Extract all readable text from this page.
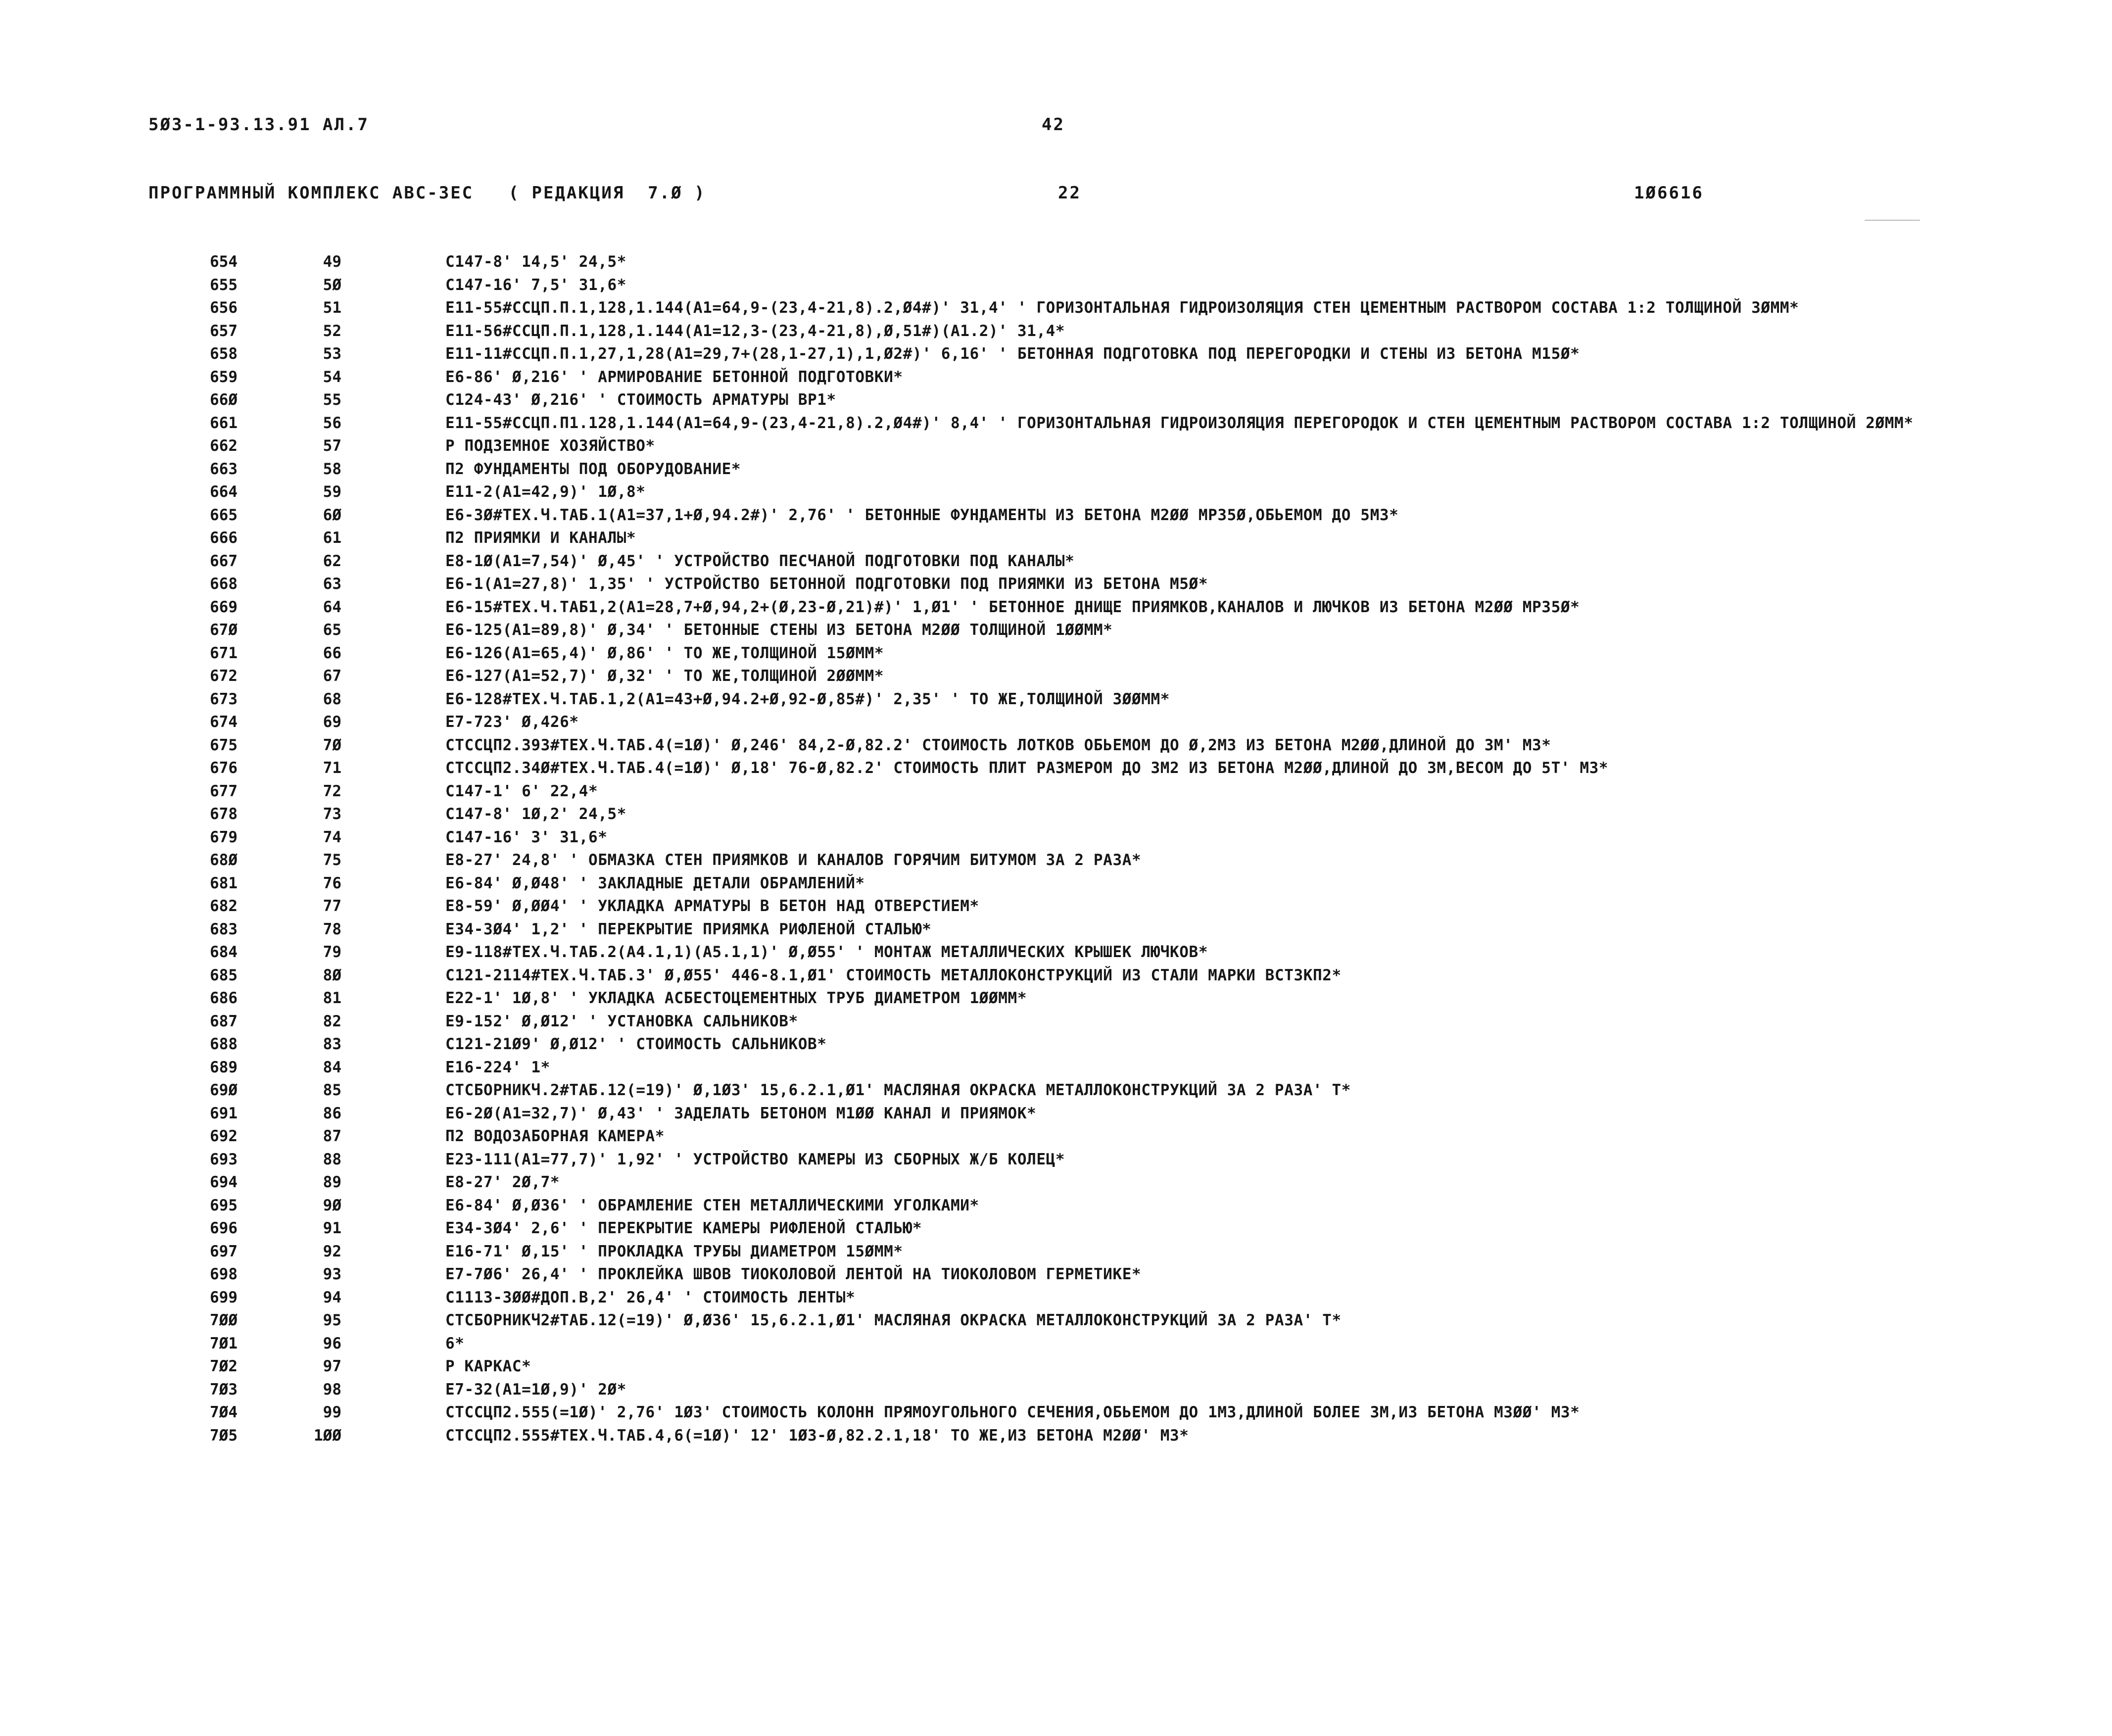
5Ø3-1-93.13.91 АЛ.7	42
ПРОГРАММНЫЙ КОМПЛЕКС АВС-3ЕС   ( РЕДАКЦИЯ  7.Ø )	22	1Ø6616
654	49	С147-8' 14,5' 24,5*
655	5Ø	С147-16' 7,5' 31,6*
656	51	Е11-55#ССЦП.П.1,128,1.144(А1=64,9-(23,4-21,8).2,Ø4#)' 31,4' ' ГОРИЗОНТАЛЬНАЯ ГИДРОИЗОЛЯЦИЯ СТЕН ЦЕМЕНТНЫМ РАСТВОРОМ СОСТАВА 1:2 ТОЛЩИНОЙ 3ØММ*
657	52	Е11-56#ССЦП.П.1,128,1.144(А1=12,3-(23,4-21,8),Ø,51#)(А1.2)' 31,4*
658	53	Е11-11#ССЦП.П.1,27,1,28(А1=29,7+(28,1-27,1),1,Ø2#)' 6,16' ' БЕТОННАЯ ПОДГОТОВКА ПОД ПЕРЕГОРОДКИ И СТЕНЫ ИЗ БЕТОНА М15Ø*
659	54	Е6-86' Ø,216' ' АРМИРОВАНИЕ БЕТОННОЙ ПОДГОТОВКИ*
66Ø	55	С124-43' Ø,216' ' СТОИМОСТЬ АРМАТУРЫ ВР1*
661	56	Е11-55#ССЦП.П1.128,1.144(А1=64,9-(23,4-21,8).2,Ø4#)' 8,4' ' ГОРИЗОНТАЛЬНАЯ ГИДРОИЗОЛЯЦИЯ ПЕРЕГОРОДОК И СТЕН ЦЕМЕНТНЫМ РАСТВОРОМ СОСТАВА 1:2 ТОЛЩИНОЙ 2ØММ*
662	57	Р ПОДЗЕМНОЕ ХОЗЯЙСТВО*
663	58	П2 ФУНДАМЕНТЫ ПОД ОБОРУДОВАНИЕ*
664	59	Е11-2(А1=42,9)' 1Ø,8*
665	6Ø	Е6-3Ø#ТЕХ.Ч.ТАБ.1(А1=37,1+Ø,94.2#)' 2,76' ' БЕТОННЫЕ ФУНДАМЕНТЫ ИЗ БЕТОНА М2ØØ МР35Ø,ОБЬЕМОМ ДО 5М3*
666	61	П2 ПРИЯМКИ И КАНАЛЫ*
667	62	Е8-1Ø(А1=7,54)' Ø,45' ' УСТРОЙСТВО ПЕСЧАНОЙ ПОДГОТОВКИ ПОД КАНАЛЫ*
668	63	Е6-1(А1=27,8)' 1,35' ' УСТРОЙСТВО БЕТОННОЙ ПОДГОТОВКИ ПОД ПРИЯМКИ ИЗ БЕТОНА М5Ø*
669	64	Е6-15#ТЕХ.Ч.ТАБ1,2(А1=28,7+Ø,94,2+(Ø,23-Ø,21)#)' 1,Ø1' ' БЕТОННОЕ ДНИЩЕ ПРИЯМКОВ,КАНАЛОВ И ЛЮЧКОВ ИЗ БЕТОНА М2ØØ МР35Ø*
67Ø	65	Е6-125(А1=89,8)' Ø,34' ' БЕТОННЫЕ СТЕНЫ ИЗ БЕТОНА М2ØØ ТОЛЩИНОЙ 1ØØММ*
671	66	Е6-126(А1=65,4)' Ø,86' ' ТО ЖЕ,ТОЛЩИНОЙ 15ØММ*
672	67	Е6-127(А1=52,7)' Ø,32' ' ТО ЖЕ,ТОЛЩИНОЙ 2ØØММ*
673	68	Е6-128#ТЕХ.Ч.ТАБ.1,2(А1=43+Ø,94.2+Ø,92-Ø,85#)' 2,35' ' ТО ЖЕ,ТОЛЩИНОЙ 3ØØММ*
674	69	Е7-723' Ø,426*
675	7Ø	СТССЦП2.393#ТЕХ.Ч.ТАБ.4(=1Ø)' Ø,246' 84,2-Ø,82.2' СТОИМОСТЬ ЛОТКОВ ОБЬЕМОМ ДО Ø,2М3 ИЗ БЕТОНА М2ØØ,ДЛИНОЙ ДО 3М' М3*
676	71	СТССЦП2.34Ø#ТЕХ.Ч.ТАБ.4(=1Ø)' Ø,18' 76-Ø,82.2' СТОИМОСТЬ ПЛИТ РАЗМЕРОМ ДО 3М2 ИЗ БЕТОНА М2ØØ,ДЛИНОЙ ДО 3М,ВЕСОМ ДО 5Т' М3*
677	72	С147-1' 6' 22,4*
678	73	С147-8' 1Ø,2' 24,5*
679	74	С147-16' 3' 31,6*
68Ø	75	Е8-27' 24,8' ' ОБМАЗКА СТЕН ПРИЯМКОВ И КАНАЛОВ ГОРЯЧИМ БИТУМОМ ЗА 2 РАЗА*
681	76	Е6-84' Ø,Ø48' ' ЗАКЛАДНЫЕ ДЕТАЛИ ОБРАМЛЕНИЙ*
682	77	Е8-59' Ø,ØØ4' ' УКЛАДКА АРМАТУРЫ В БЕТОН НАД ОТВЕРСТИЕМ*
683	78	Е34-3Ø4' 1,2' ' ПЕРЕКРЫТИЕ ПРИЯМКА РИФЛЕНОЙ СТАЛЬЮ*
684	79	Е9-118#ТЕХ.Ч.ТАБ.2(А4.1,1)(А5.1,1)' Ø,Ø55' ' МОНТАЖ МЕТАЛЛИЧЕСКИХ КРЫШЕК ЛЮЧКОВ*
685	8Ø	С121-2114#ТЕХ.Ч.ТАБ.3' Ø,Ø55' 446-8.1,Ø1' СТОИМОСТЬ МЕТАЛЛОКОНСТРУКЦИЙ ИЗ СТАЛИ МАРКИ ВСТ3КП2*
686	81	Е22-1' 1Ø,8' ' УКЛАДКА АСБЕСТОЦЕМЕНТНЫХ ТРУБ ДИАМЕТРОМ 1ØØММ*
687	82	Е9-152' Ø,Ø12' ' УСТАНОВКА САЛЬНИКОВ*
688	83	С121-21Ø9' Ø,Ø12' ' СТОИМОСТЬ САЛЬНИКОВ*
689	84	Е16-224' 1*
69Ø	85	СТСБОРНИКЧ.2#ТАБ.12(=19)' Ø,1Ø3' 15,6.2.1,Ø1' МАСЛЯНАЯ ОКРАСКА МЕТАЛЛОКОНСТРУКЦИЙ ЗА 2 РАЗА' Т*
691	86	Е6-2Ø(А1=32,7)' Ø,43' ' ЗАДЕЛАТЬ БЕТОНОМ М1ØØ КАНАЛ И ПРИЯМОК*
692	87	П2 ВОДОЗАБОРНАЯ КАМЕРА*
693	88	Е23-111(А1=77,7)' 1,92' ' УСТРОЙСТВО КАМЕРЫ ИЗ СБОРНЫХ Ж/Б КОЛЕЦ*
694	89	Е8-27' 2Ø,7*
695	9Ø	Е6-84' Ø,Ø36' ' ОБРАМЛЕНИЕ СТЕН МЕТАЛЛИЧЕСКИМИ УГОЛКАМИ*
696	91	Е34-3Ø4' 2,6' ' ПЕРЕКРЫТИЕ КАМЕРЫ РИФЛЕНОЙ СТАЛЬЮ*
697	92	Е16-71' Ø,15' ' ПРОКЛАДКА ТРУБЫ ДИАМЕТРОМ 15ØММ*
698	93	Е7-7Ø6' 26,4' ' ПРОКЛЕЙКА ШВОВ ТИОКОЛОВОЙ ЛЕНТОЙ НА ТИОКОЛОВОМ ГЕРМЕТИКЕ*
699	94	С1113-3ØØ#ДОП.В,2' 26,4' ' СТОИМОСТЬ ЛЕНТЫ*
7ØØ	95	СТСБОРНИКЧ2#ТАБ.12(=19)' Ø,Ø36' 15,6.2.1,Ø1' МАСЛЯНАЯ ОКРАСКА МЕТАЛЛОКОНСТРУКЦИЙ ЗА 2 РАЗА' Т*
7Ø1	96	6*
7Ø2	97	Р КАРКАС*
7Ø3	98	Е7-32(А1=1Ø,9)' 2Ø*
7Ø4	99	СТССЦП2.555(=1Ø)' 2,76' 1Ø3' СТОИМОСТЬ КОЛОНН ПРЯМОУГОЛЬНОГО СЕЧЕНИЯ,ОБЬЕМОМ ДО 1М3,ДЛИНОЙ БОЛЕЕ 3М,ИЗ БЕТОНА М3ØØ' М3*
7Ø5	1ØØ	СТССЦП2.555#ТЕХ.Ч.ТАБ.4,6(=1Ø)' 12' 1Ø3-Ø,82.2.1,18' ТО ЖЕ,ИЗ БЕТОНА М2ØØ' М3*
